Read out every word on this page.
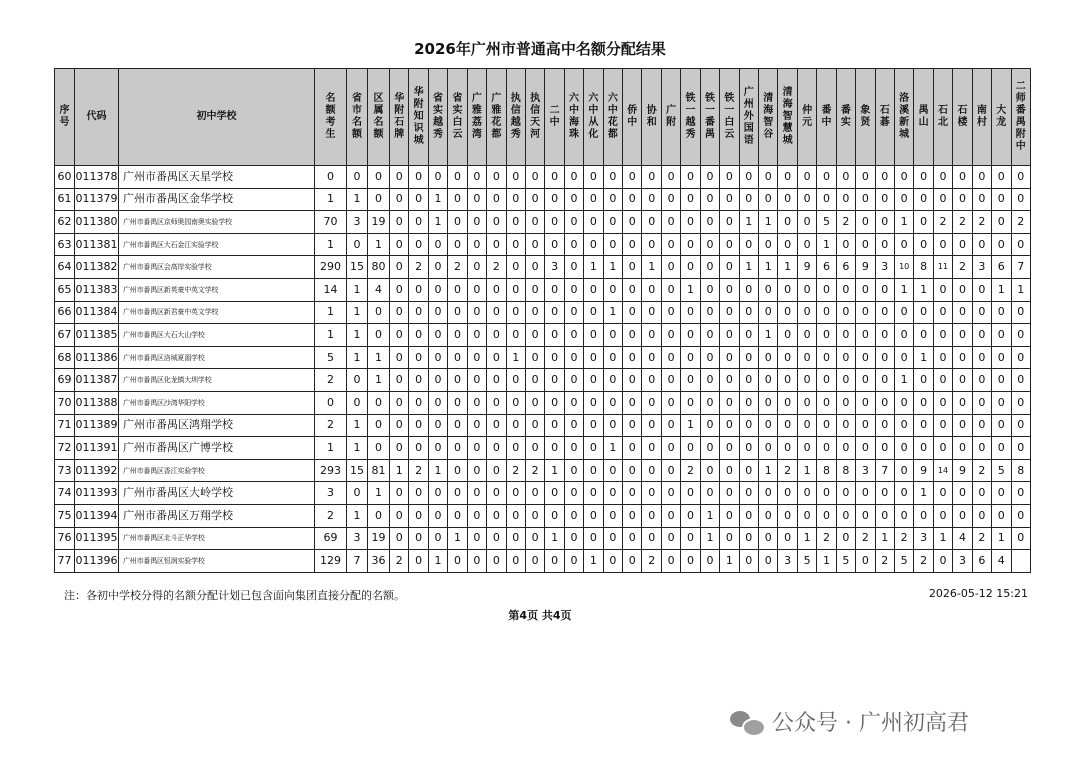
2026年广州市普通高中名额分配结果
序号	代码	初中学校	名额考生	省市名额	区属名额	华附石牌	华附知识城	省实越秀	省实白云	广雅荔湾	广雅花都	执信越秀	执信天河	二中	六中海珠	六中从化	六中花都	侨中	协和	广附	铁一越秀	铁一番禺	铁一白云	广州外国语	清海智谷	清海智慧城	仲元	番中	番实	象贤	石碁	洛溪新城	禺山	石北	石楼	南村	大龙	二师番禺附中
60	011378	广州市番禺区天星学校	0	0	0	0	0	0	0	0	0	0	0	0	0	0	0	0	0	0	0	0	0	0	0	0	0	0	0	0	0	0	0	0	0	0	0	0
61	011379	广州市番禺区金华学校	1	1	0	0	0	1	0	0	0	0	0	0	0	0	0	0	0	0	0	0	0	0	0	0	0	0	0	0	0	0	0	0	0	0	0	0
62	011380	广州市番禺区京师奥园南奥实验学校	70	3	19	0	0	1	0	0	0	0	0	0	0	0	0	0	0	0	0	0	0	1	1	0	0	5	2	0	0	1	0	2	2	2	0	2
63	011381	广州市番禺区大石金江实验学校	1	0	1	0	0	0	0	0	0	0	0	0	0	0	0	0	0	0	0	0	0	0	0	0	0	1	0	0	0	0	0	0	0	0	0	0
64	011382	广州市番禺区会高岸实验学校	290	15	80	0	2	0	2	0	2	0	0	3	0	1	1	0	1	0	0	0	0	1	1	1	9	6	6	9	3	10	8	11	2	3	6	7
65	011383	广州市番禺区新英豪中英文学校	14	1	4	0	0	0	0	0	0	0	0	0	0	0	0	0	0	0	1	0	0	0	0	0	0	0	0	0	0	1	1	0	0	0	1	1
66	011384	广州市番禺区新君豪中英文学校	1	1	0	0	0	0	0	0	0	0	0	0	0	0	1	0	0	0	0	0	0	0	0	0	0	0	0	0	0	0	0	0	0	0	0	0
67	011385	广州市番禺区大石大山学校	1	1	0	0	0	0	0	0	0	0	0	0	0	0	0	0	0	0	0	0	0	0	1	0	0	0	0	0	0	0	0	0	0	0	0	0
68	011386	广州市番禺区洛城夏湄学校	5	1	1	0	0	0	0	0	0	1	0	0	0	0	0	0	0	0	0	0	0	0	0	0	0	0	0	0	0	0	1	0	0	0	0	0
69	011387	广州市番禺区化龙镇大圳学校	2	0	1	0	0	0	0	0	0	0	0	0	0	0	0	0	0	0	0	0	0	0	0	0	0	0	0	0	0	1	0	0	0	0	0	0
70	011388	广州市番禺区沙湾华阳学校	0	0	0	0	0	0	0	0	0	0	0	0	0	0	0	0	0	0	0	0	0	0	0	0	0	0	0	0	0	0	0	0	0	0	0	0
71	011389	广州市番禺区鸿翔学校	2	1	0	0	0	0	0	0	0	0	0	0	0	0	0	0	0	0	1	0	0	0	0	0	0	0	0	0	0	0	0	0	0	0	0	0
72	011391	广州市番禺区广博学校	1	1	0	0	0	0	0	0	0	0	0	0	0	0	1	0	0	0	0	0	0	0	0	0	0	0	0	0	0	0	0	0	0	0	0	0
73	011392	广州市番禺区香江实验学校	293	15	81	1	2	1	0	0	0	2	2	1	0	0	0	0	0	0	2	0	0	0	1	2	1	8	8	3	7	0	9	14	9	2	5	8
74	011393	广州市番禺区大岭学校	3	0	1	0	0	0	0	0	0	0	0	0	0	0	0	0	0	0	0	0	0	0	0	0	0	0	0	0	0	0	1	0	0	0	0	0
75	011394	广州市番禺区万翔学校	2	1	0	0	0	0	0	0	0	0	0	0	0	0	0	0	0	0	0	1	0	0	0	0	0	0	0	0	0	0	0	0	0	0	0	0
76	011395	广州市番禺区北斗正华学校	69	3	19	0	0	0	1	0	0	0	0	1	0	0	0	0	0	0	0	1	0	0	0	0	1	2	0	2	1	2	3	1	4	2	1	0
77	011396	广州市番禺区恒润实验学校	129	7	36	2	0	1	0	0	0	0	0	0	0	1	0	0	2	0	0	0	1	0	0	3	5	1	5	0	2	5	2	0	3	6	4	
注：各初中学校分得的名额分配计划已包含面向集团直接分配的名额。	2026-05-12 15:21
第4页 共4页
公众号 · 广州初高君
